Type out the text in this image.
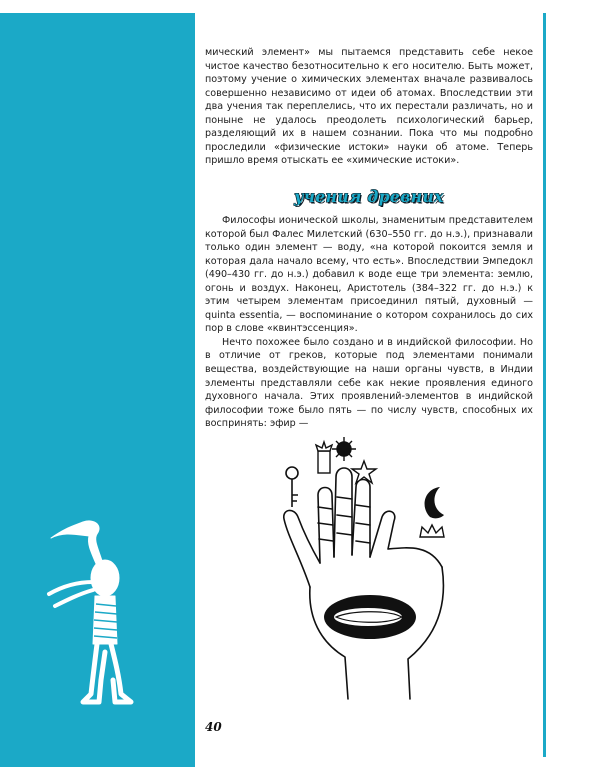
мический элемент» мы пытаемся представить себе некое чистое качество безотносительно к его носителю. Быть может, поэтому учение о химических элементах вначале развивалось совершенно независимо от идеи об атомах. Впоследствии эти два учения так переплелись, что их перестали различать, но и поныне не удалось преодолеть психологический барьер, разделяющий их в нашем сознании. Пока что мы подробно проследили «физические истоки» науки об атоме. Теперь пришло время отыскать ее «химические истоки».

учения древних

Философы ионической школы, знаменитым представителем которой был Фалес Милетский (630–550 гг. до н.э.), признавали только один элемент — воду, «на которой покоится земля и которая дала начало всему, что есть». Впоследствии Эмпедокл (490–430 гг. до н.э.) добавил к воде еще три элемента: землю, огонь и воздух. Наконец, Аристотель (384–322 гг. до н.э.) к этим четырем элементам присоединил пятый, духовный — quinta essentia, — воспоминание о котором сохранилось до сих пор в слове «квинтэссенция».

Нечто похожее было создано и в индийской философии. Но в отличие от греков, которые под элементами понимали вещества, воздействующие на наши органы чувств, в Индии элементы представляли себе как некие проявления единого духовного начала. Этих проявлений-элементов в индийской философии тоже было пять — по числу чувств, способных их воспринять: эфир —

40
